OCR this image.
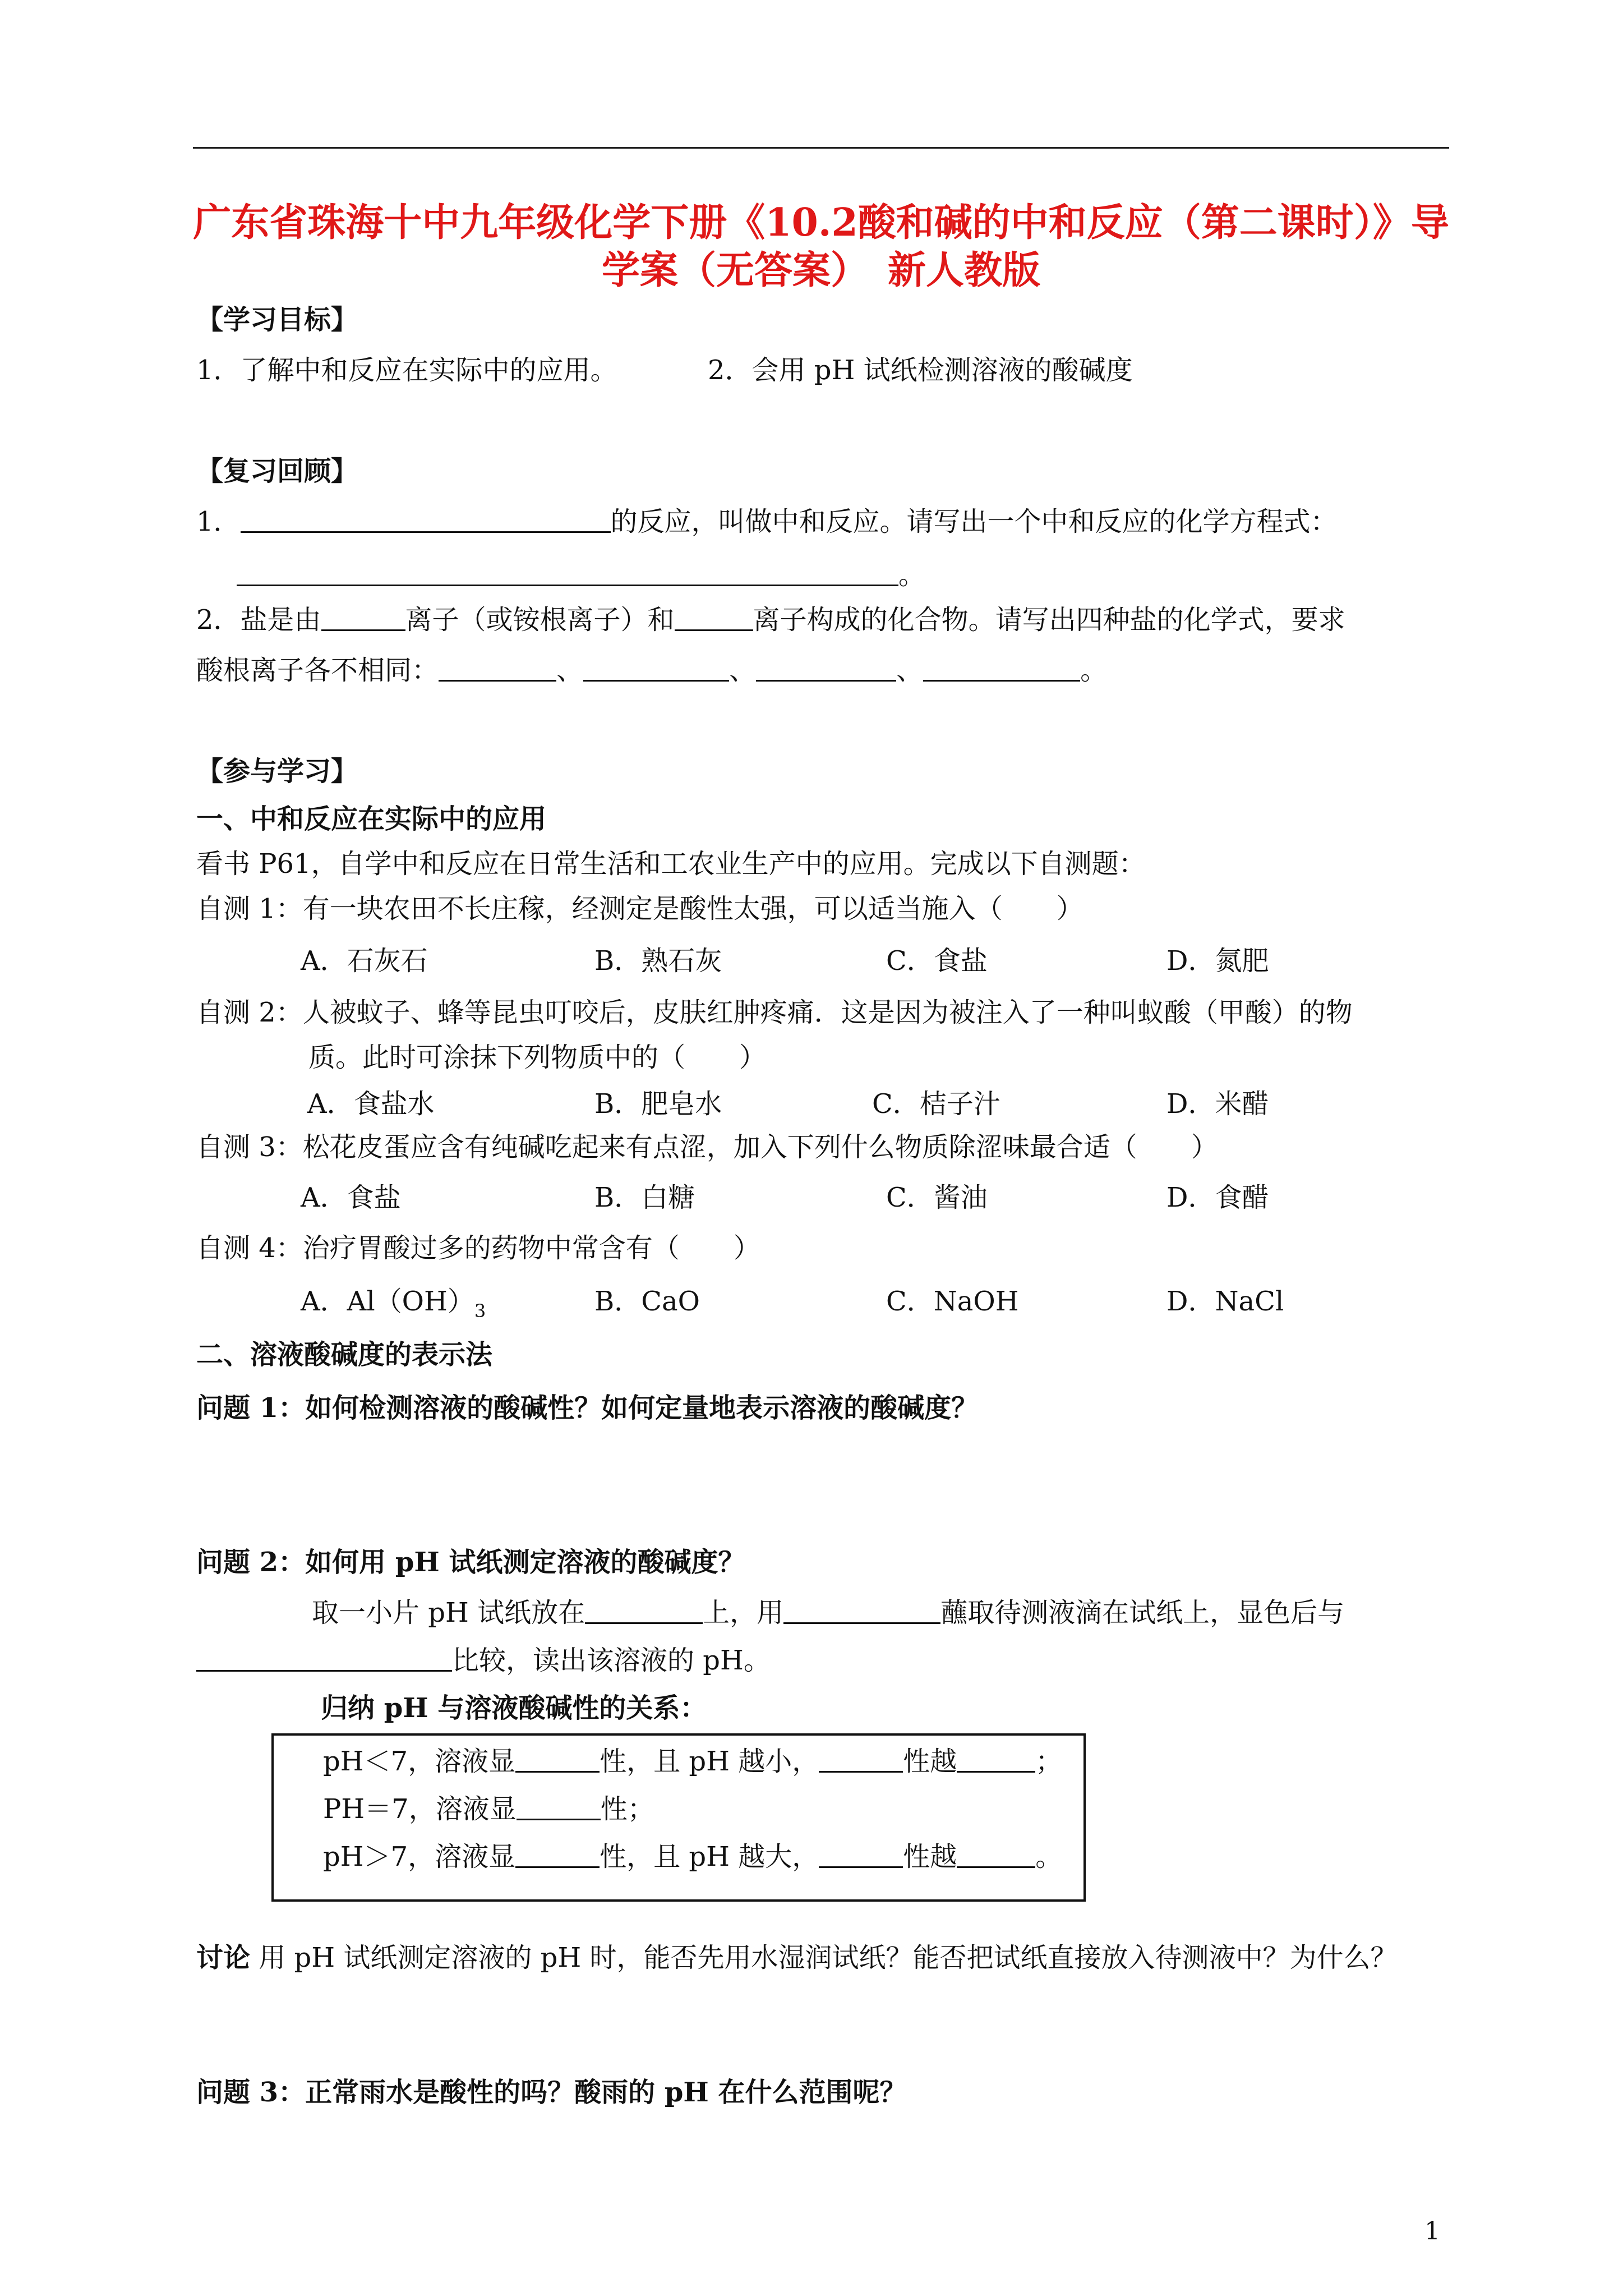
广东省珠海十中九年级化学下册《10.2酸和碱的中和反应（第二课时）》导
学案（无答案）　新人教版
【学习目标】
1．了解中和反应在实际中的应用。	2．会用 pH 试纸检测溶液的酸碱度
【复习回顾】
1．	的反应，叫做中和反应。请写出一个中和反应的化学方程式：
。
2．盐是由	离子（或铵根离子）和	离子构成的化合物。请写出四种盐的化学式，要求
酸根离子各不相同：	、	、	、	。
【参与学习】
一、中和反应在实际中的应用
看书 P61，自学中和反应在日常生活和工农业生产中的应用。完成以下自测题：
自测 1：有一块农田不长庄稼，经测定是酸性太强，可以适当施入（　　）
A．石灰石	B．熟石灰	C．食盐	D．氮肥
自测 2：人被蚊子、蜂等昆虫叮咬后，皮肤红肿疼痛．这是因为被注入了一种叫蚁酸（甲酸）的物
质。此时可涂抹下列物质中的（　　）
A．食盐水	B．肥皂水	C．桔子汁	D．米醋
自测 3：松花皮蛋应含有纯碱吃起来有点涩，加入下列什么物质除涩味最合适（　　）
A．食盐	B．白糖	C．酱油	D．食醋
自测 4：治疗胃酸过多的药物中常含有（　　）
A．$Al(OH)_3$	B．CaO	C．NaOH	D．NaCl
二、溶液酸碱度的表示法
问题 1：如何检测溶液的酸碱性？如何定量地表示溶液的酸碱度？
问题 2：如何用 pH 试纸测定溶液的酸碱度？
取一小片 pH 试纸放在	上，用	蘸取待测液滴在试纸上，显色后与
比较，读出该溶液的 pH。
归纳 pH 与溶液酸碱性的关系：
pH＜7，溶液显	性，且 pH 越小，	性越	；
PH＝7，溶液显	性；
pH＞7，溶液显	性，且 pH 越大，	性越	。
讨论 用 pH 试纸测定溶液的 pH 时，能否先用水湿润试纸？能否把试纸直接放入待测液中？为什么？
问题 3：正常雨水是酸性的吗？酸雨的 pH 在什么范围呢？
1
